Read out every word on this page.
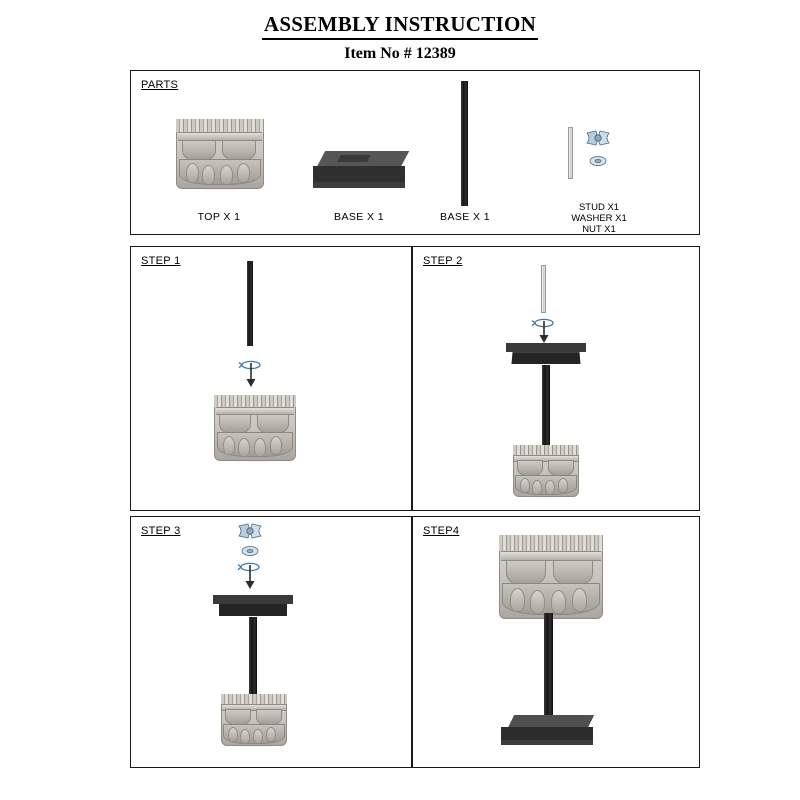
ASSEMBLY INSTRUCTION
Item No # 12389
PARTS
TOP X 1	BASE X 1	BASE X 1
STUD X1
WASHER X1
NUT X1
STEP 1	STEP 2
STEP 3	STEP4
